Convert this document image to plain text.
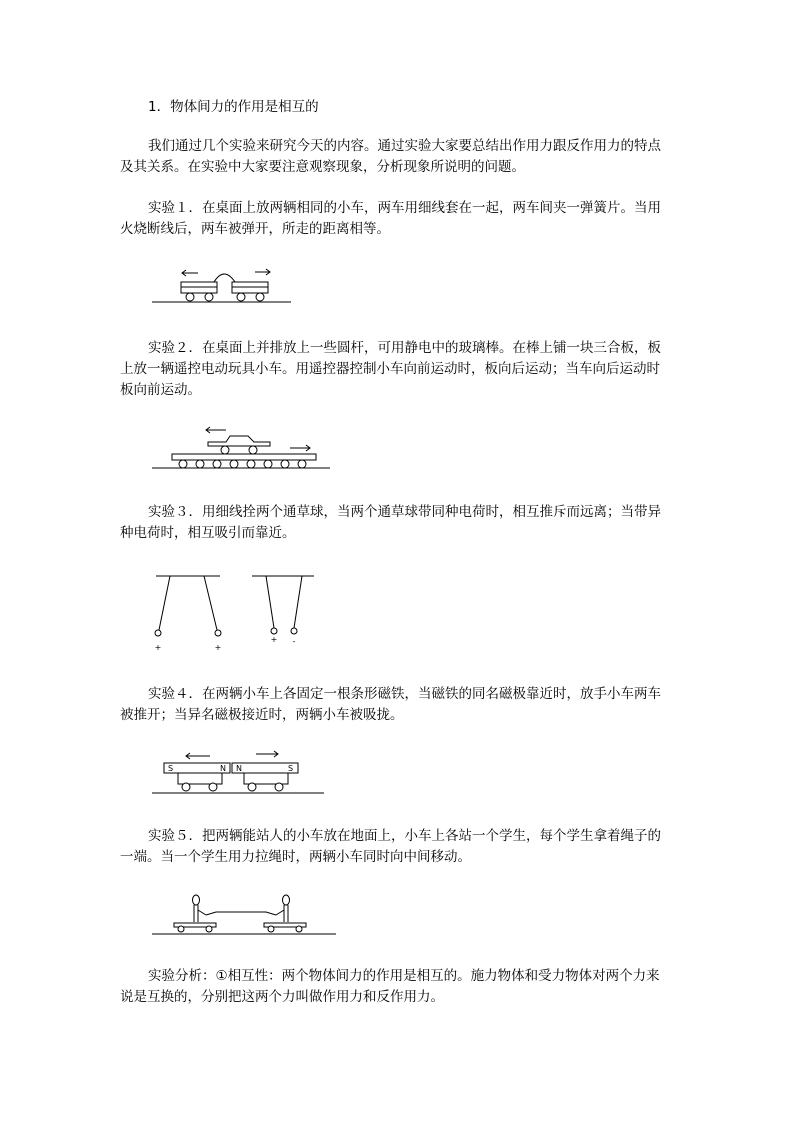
1．物体间力的作用是相互的

我们通过几个实验来研究今天的内容。通过实验大家要总结出作用力跟反作用力的特点及其关系。在实验中大家要注意观察现象，分析现象所说明的问题。

实验１．在桌面上放两辆相同的小车，两车用细线套在一起，两车间夹一弹簧片。当用火烧断线后，两车被弹开，所走的距离相等。

实验２．在桌面上并排放上一些圆杆，可用静电中的玻璃棒。在棒上铺一块三合板，板上放一辆遥控电动玩具小车。用遥控器控制小车向前运动时，板向后运动；当车向后运动时板向前运动。

实验３．用细线拴两个通草球，当两个通草球带同种电荷时，相互推斥而远离；当带异种电荷时，相互吸引而靠近。

+	+
+ -

实验４．在两辆小车上各固定一根条形磁铁，当磁铁的同名磁极靠近时，放手小车两车被推开；当异名磁极接近时，两辆小车被吸拢。

S	N N	S

实验５．把两辆能站人的小车放在地面上，小车上各站一个学生，每个学生拿着绳子的一端。当一个学生用力拉绳时，两辆小车同时向中间移动。

实验分析：①相互性：两个物体间力的作用是相互的。施力物体和受力物体对两个力来说是互换的，分别把这两个力叫做作用力和反作用力。
